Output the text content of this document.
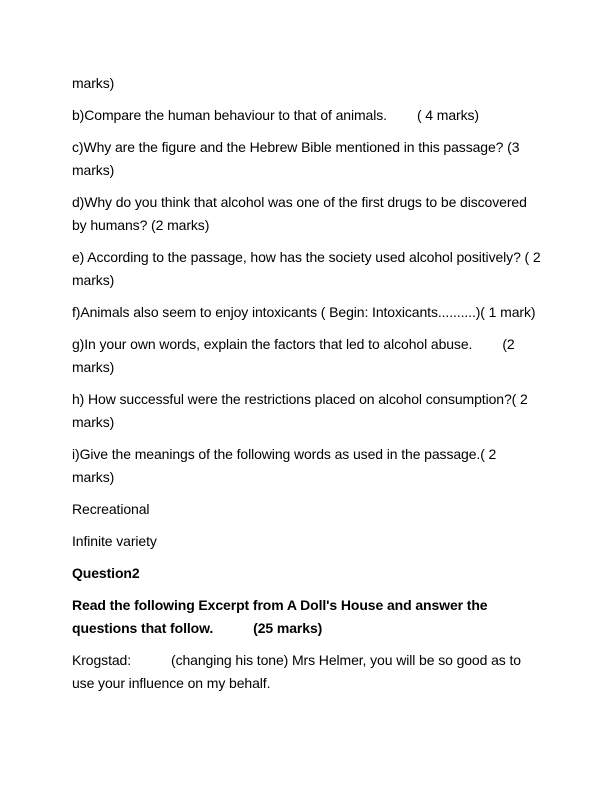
marks)

b)Compare the human behaviour to that of animals. ( 4 marks)

c)Why are the figure and the Hebrew Bible mentioned in this passage? (3 marks)

d)Why do you think that alcohol was one of the first drugs to be discovered by humans? (2 marks)

e) According to the passage, how has the society used alcohol positively? ( 2 marks)

f)Animals also seem to enjoy intoxicants ( Begin: Intoxicants..........)( 1 mark)

g)In your own words, explain the factors that led to alcohol abuse. (2 marks)

h) How successful were the restrictions placed on alcohol consumption?( 2 marks)

i)Give the meanings of the following words as used in the passage.( 2 marks)

Recreational

Infinite variety

Question2

Read the following Excerpt from A Doll's House and answer the questions that follow.	(25 marks)

Krogstad:	(changing his tone) Mrs Helmer, you will be so good as to use your influence on my behalf.
